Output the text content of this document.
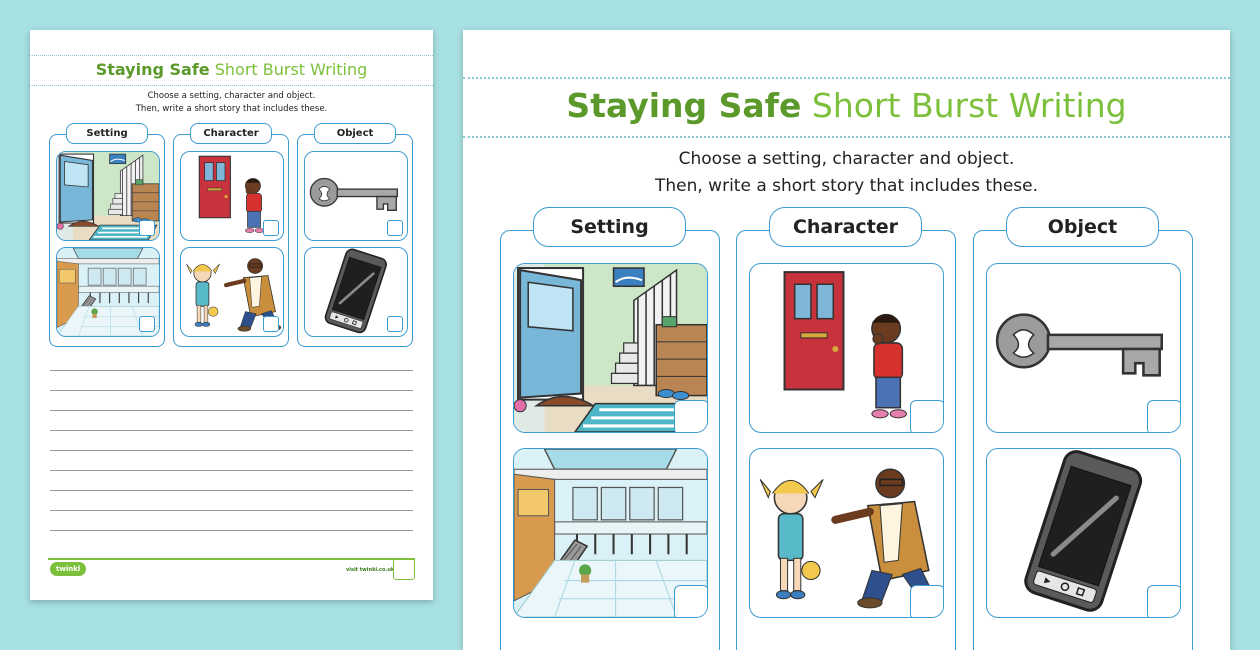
Staying Safe Short Burst Writing
Choose a setting, character and object.
Then, write a short story that includes these.
Setting	Character	Object
twinkl	visit twinkl.co.uk
Staying Safe Short Burst Writing
Choose a setting, character and object.
Then, write a short story that includes these.
Setting	Character	Object
